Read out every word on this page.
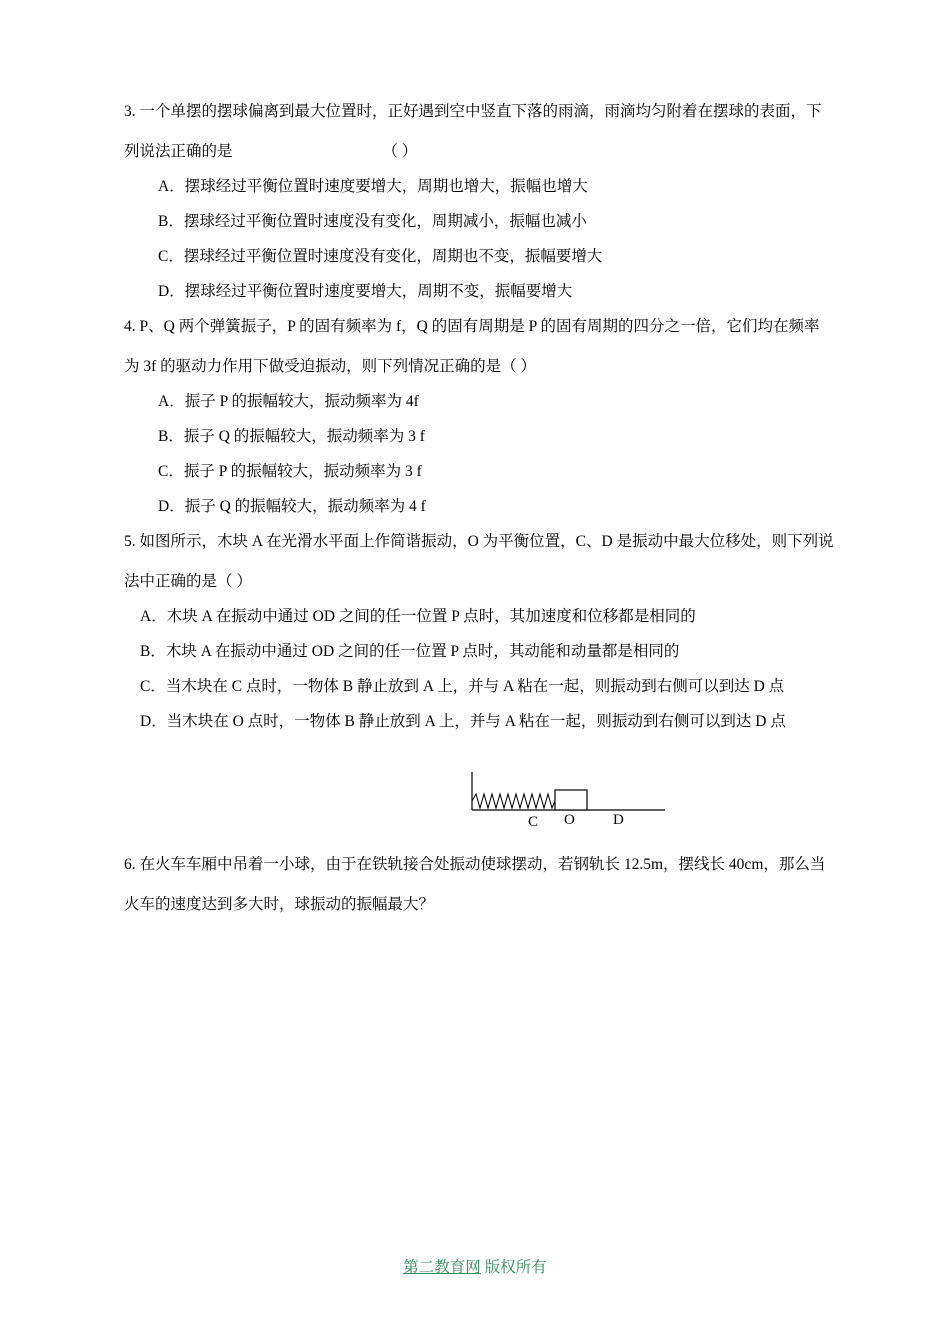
3. 一个单摆的摆球偏离到最大位置时，正好遇到空中竖直下落的雨滴，雨滴均匀附着在摆球的表面，下
列说法正确的是	（ ）
A．摆球经过平衡位置时速度要增大，周期也增大，振幅也增大
B．摆球经过平衡位置时速度没有变化，周期减小，振幅也减小
C．摆球经过平衡位置时速度没有变化，周期也不变，振幅要增大
D．摆球经过平衡位置时速度要增大，周期不变，振幅要增大
4. P、Q 两个弹簧振子，P 的固有频率为 f，Q 的固有周期是 P 的固有周期的四分之一倍，它们均在频率
为 3f 的驱动力作用下做受迫振动，则下列情况正确的是（ ）
A．振子 P 的振幅较大，振动频率为 4f
B．振子 Q 的振幅较大，振动频率为 3 f
C．振子 P 的振幅较大，振动频率为 3 f
D．振子 Q 的振幅较大，振动频率为 4 f
5. 如图所示，木块 A 在光滑水平面上作简谐振动，O 为平衡位置，C、D 是振动中最大位移处，则下列说
法中正确的是（ ）
A．木块 A 在振动中通过 OD 之间的任一位置 P 点时，其加速度和位移都是相同的
B．木块 A 在振动中通过 OD 之间的任一位置 P 点时，其动能和动量都是相同的
C．当木块在 C 点时，一物体 B 静止放到 A 上，并与 A 粘在一起，则振动到右侧可以到达 D 点
D．当木块在 O 点时，一物体 B 静止放到 A 上，并与 A 粘在一起，则振动到右侧可以到达 D 点
C O	D
6. 在火车车厢中吊着一小球，由于在铁轨接合处振动使球摆动，若钢轨长 12.5m，摆线长 40cm，那么当
火车的速度达到多大时，球振动的振幅最大？
第二教育网 版权所有
